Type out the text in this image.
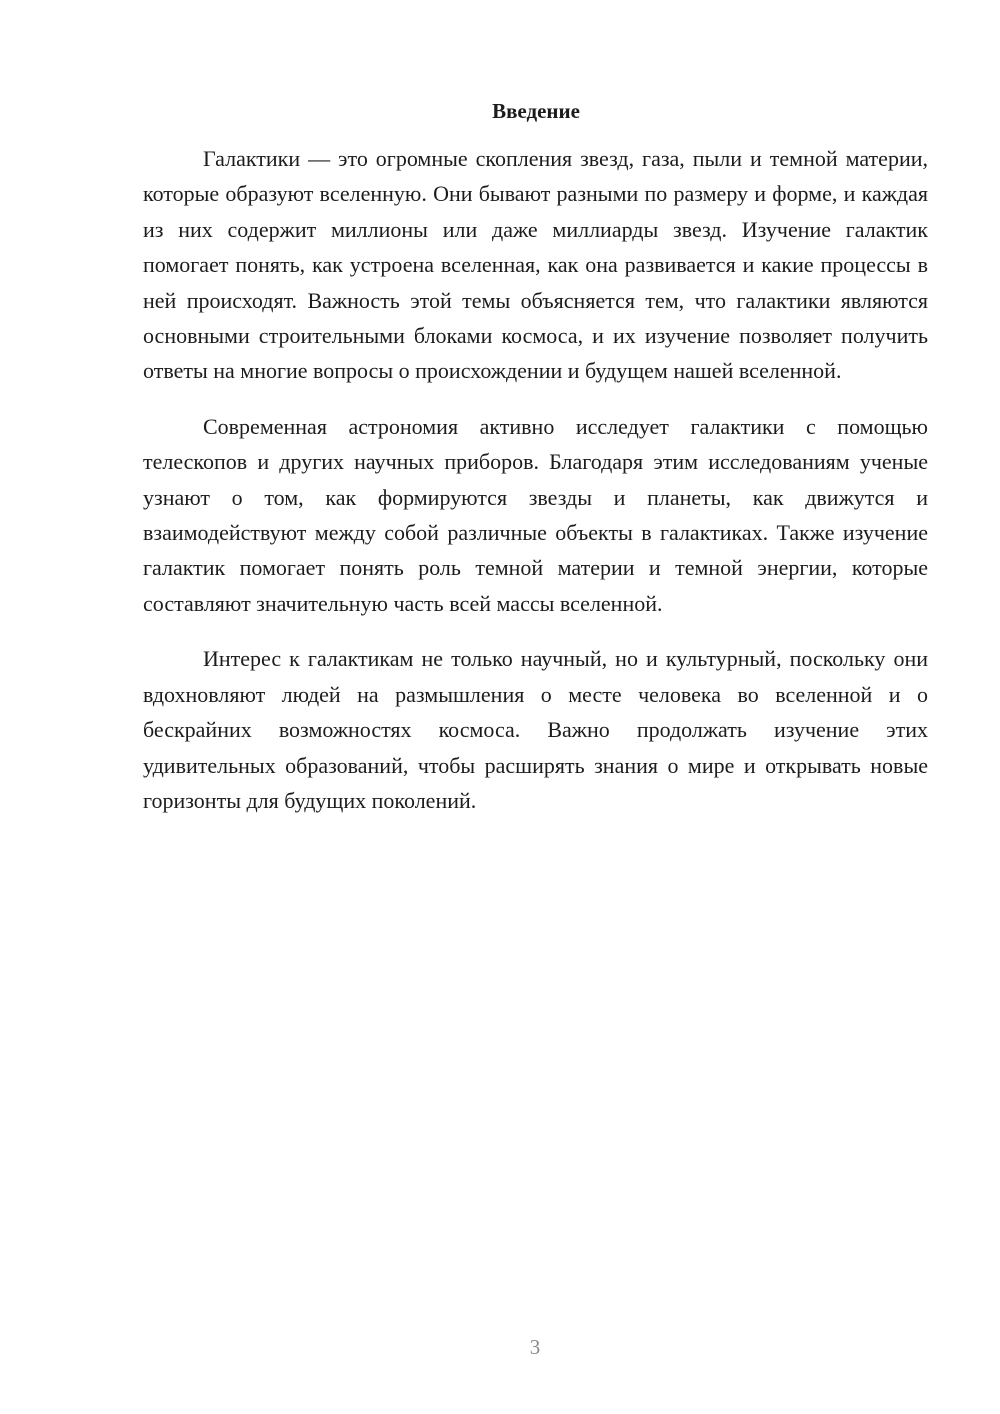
Введение

Галактики — это огромные скопления звезд, газа, пыли и темной материи, которые образуют вселенную. Они бывают разными по размеру и форме, и каждая из них содержит миллионы или даже миллиарды звезд. Изучение галактик помогает понять, как устроена вселенная, как она развивается и какие процессы в ней происходят. Важность этой темы объясняется тем, что галактики являются основными строительными блоками космоса, и их изучение позволяет получить ответы на многие вопросы о происхождении и будущем нашей вселенной.

Современная астрономия активно исследует галактики с помощью телескопов и других научных приборов. Благодаря этим исследованиям ученые узнают о том, как формируются звезды и планеты, как движутся и взаимодействуют между собой различные объекты в галактиках. Также изучение галактик помогает понять роль темной материи и темной энергии, которые составляют значительную часть всей массы вселенной.

Интерес к галактикам не только научный, но и культурный, поскольку они вдохновляют людей на размышления о месте человека во вселенной и о бескрайних возможностях космоса. Важно продолжать изучение этих удивительных образований, чтобы расширять знания о мире и открывать новые горизонты для будущих поколений.

3
